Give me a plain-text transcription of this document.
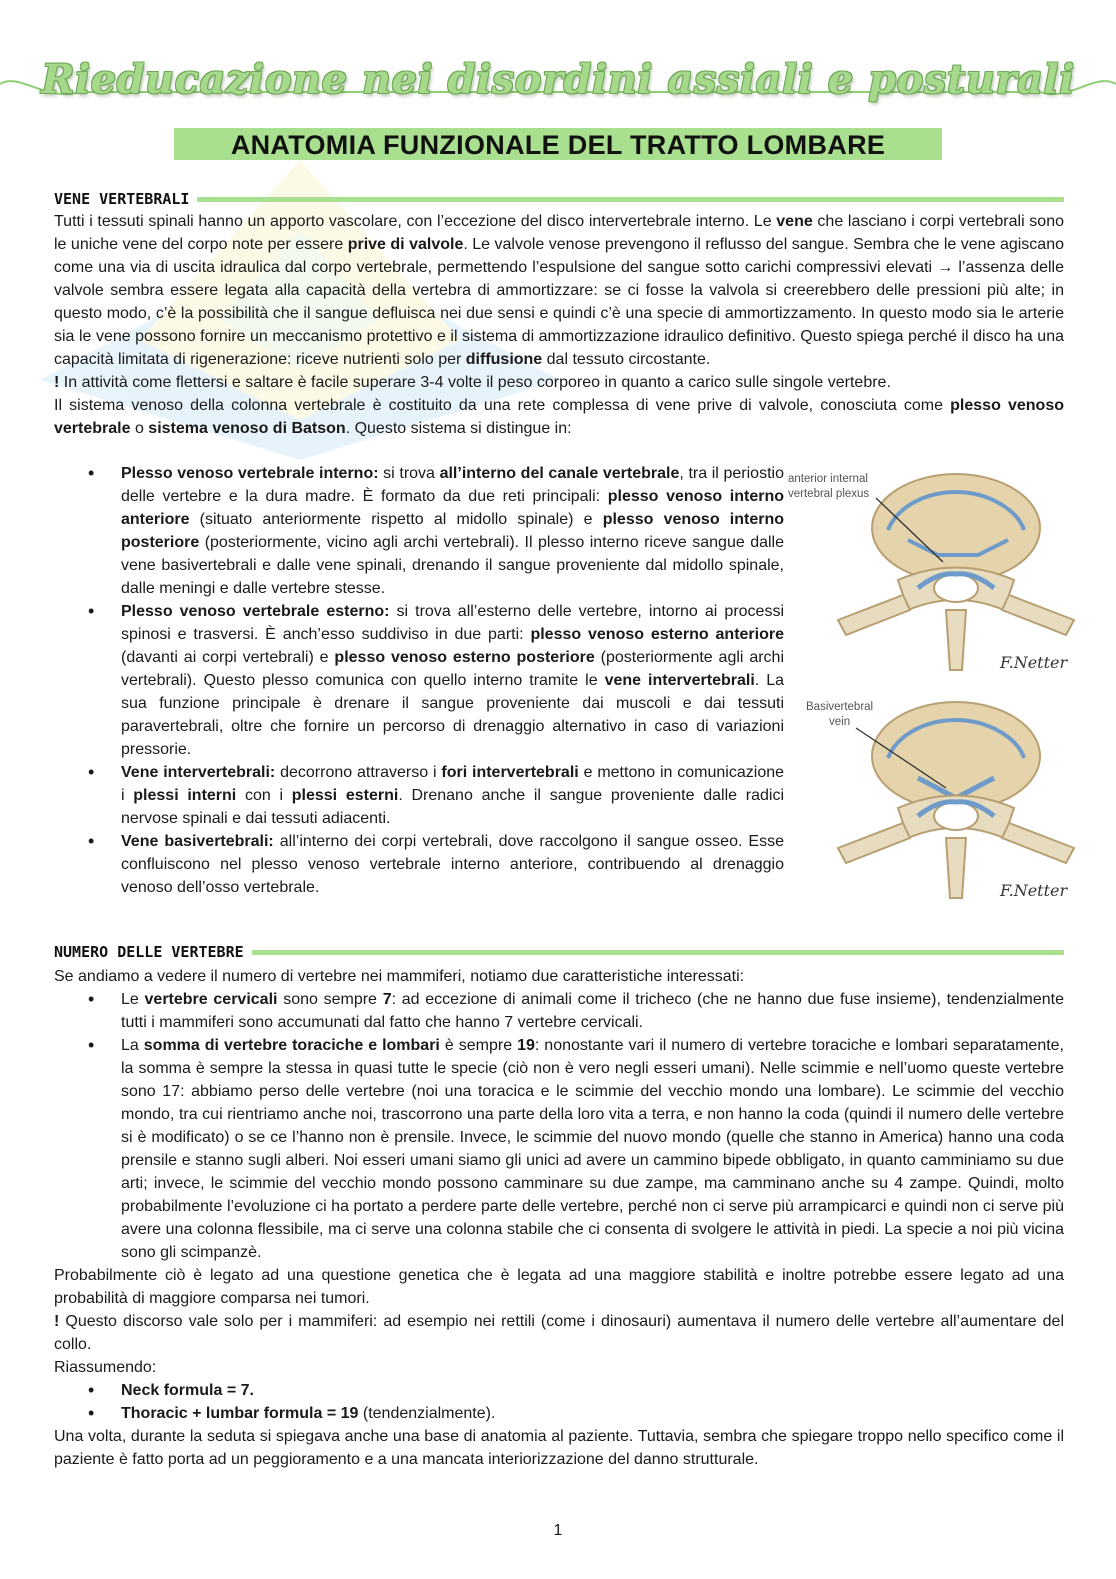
Rieducazione nei disordini assiali e posturali
ANATOMIA FUNZIONALE DEL TRATTO LOMBARE
VENE VERTEBRALI

Tutti i tessuti spinali hanno un apporto vascolare, con l’eccezione del disco intervertebrale interno. Le vene che lasciano i corpi vertebrali sono le uniche vene del corpo note per essere prive di valvole. Le valvole venose prevengono il reflusso del sangue. Sembra che le vene agiscano come una via di uscita idraulica dal corpo vertebrale, permettendo l’espulsione del sangue sotto carichi compressivi elevati → l’assenza delle valvole sembra essere legata alla capacità della vertebra di ammortizzare: se ci fosse la valvola si creerebbero delle pressioni più alte; in questo modo, c’è la possibilità che il sangue defluisca nei due sensi e quindi c’è una specie di ammortizzamento. In questo modo sia le arterie sia le vene possono fornire un meccanismo protettivo e il sistema di ammortizzazione idraulico definitivo. Questo spiega perché il disco ha una capacità limitata di rigenerazione: riceve nutrienti solo per diffusione dal tessuto circostante.

! In attività come flettersi e saltare è facile superare 3-4 volte il peso corporeo in quanto a carico sulle singole vertebre.

Il sistema venoso della colonna vertebrale è costituito da una rete complessa di vene prive di valvole, conosciuta come plesso venoso vertebrale o sistema venoso di Batson. Questo sistema si distingue in:

• Plesso venoso vertebrale interno: si trova all’interno del canale vertebrale, tra il periostio delle vertebre e la dura madre. È formato da due reti principali: plesso venoso interno anteriore (situato anteriormente rispetto al midollo spinale) e plesso venoso interno posteriore (posteriormente, vicino agli archi vertebrali). Il plesso interno riceve sangue dalle vene basivertebrali e dalle vene spinali, drenando il sangue proveniente dal midollo spinale, dalle meningi e dalle vertebre stesse.
• Plesso venoso vertebrale esterno: si trova all’esterno delle vertebre, intorno ai processi spinosi e trasversi. È anch’esso suddiviso in due parti: plesso venoso esterno anteriore (davanti ai corpi vertebrali) e plesso venoso esterno posteriore (posteriormente agli archi vertebrali). Questo plesso comunica con quello interno tramite le vene intervertebrali. La sua funzione principale è drenare il sangue proveniente dai muscoli e dai tessuti paravertebrali, oltre che fornire un percorso di drenaggio alternativo in caso di variazioni pressorie.
• Vene intervertebrali: decorrono attraverso i fori intervertebrali e mettono in comunicazione i plessi interni con i plessi esterni. Drenano anche il sangue proveniente dalle radici nervose spinali e dai tessuti adiacenti.
• Vene basivertebrali: all’interno dei corpi vertebrali, dove raccolgono il sangue osseo. Esse confluiscono nel plesso venoso vertebrale interno anteriore, contribuendo al drenaggio venoso dell’osso vertebrale.
F.Netter
anterior internal
vertebral plexus
F.Netter
Basivertebral
vein
NUMERO DELLE VERTEBRE

Se andiamo a vedere il numero di vertebre nei mammiferi, notiamo due caratteristiche interessati:

• Le vertebre cervicali sono sempre 7: ad eccezione di animali come il tricheco (che ne hanno due fuse insieme), tendenzialmente tutti i mammiferi sono accumunati dal fatto che hanno 7 vertebre cervicali.
• La somma di vertebre toraciche e lombari è sempre 19: nonostante vari il numero di vertebre toraciche e lombari separatamente, la somma è sempre la stessa in quasi tutte le specie (ciò non è vero negli esseri umani). Nelle scimmie e nell’uomo queste vertebre sono 17: abbiamo perso delle vertebre (noi una toracica e le scimmie del vecchio mondo una lombare). Le scimmie del vecchio mondo, tra cui rientriamo anche noi, trascorrono una parte della loro vita a terra, e non hanno la coda (quindi il numero delle vertebre si è modificato) o se ce l’hanno non è prensile. Invece, le scimmie del nuovo mondo (quelle che stanno in America) hanno una coda prensile e stanno sugli alberi. Noi esseri umani siamo gli unici ad avere un cammino bipede obbligato, in quanto camminiamo su due arti; invece, le scimmie del vecchio mondo possono camminare su due zampe, ma camminano anche su 4 zampe. Quindi, molto probabilmente l’evoluzione ci ha portato a perdere parte delle vertebre, perché non ci serve più arrampicarci e quindi non ci serve più avere una colonna flessibile, ma ci serve una colonna stabile che ci consenta di svolgere le attività in piedi. La specie a noi più vicina sono gli scimpanzè.

Probabilmente ciò è legato ad una questione genetica che è legata ad una maggiore stabilità e inoltre potrebbe essere legato ad una probabilità di maggiore comparsa nei tumori.

! Questo discorso vale solo per i mammiferi: ad esempio nei rettili (come i dinosauri) aumentava il numero delle vertebre all’aumentare del collo.

Riassumendo:

• Neck formula = 7.
• Thoracic + lumbar formula = 19 (tendenzialmente).

Una volta, durante la seduta si spiegava anche una base di anatomia al paziente. Tuttavia, sembra che spiegare troppo nello specifico come il paziente è fatto porta ad un peggioramento e a una mancata interiorizzazione del danno strutturale.

1
